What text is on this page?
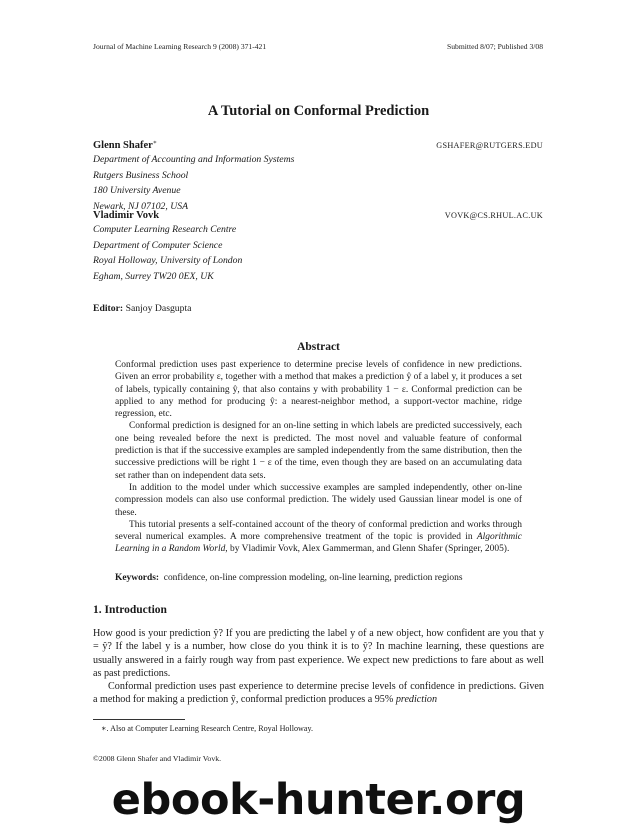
Journal of Machine Learning Research 9 (2008) 371-421	Submitted 8/07; Published 3/08
A Tutorial on Conformal Prediction
Glenn Shafer∗	GSHAFER@RUTGERS.EDU
Department of Accounting and Information Systems
Rutgers Business School
180 University Avenue
Newark, NJ 07102, USA
Vladimir Vovk	VOVK@CS.RHUL.AC.UK
Computer Learning Research Centre
Department of Computer Science
Royal Holloway, University of London
Egham, Surrey TW20 0EX, UK
Editor: Sanjoy Dasgupta
Abstract

Conformal prediction uses past experience to determine precise levels of confidence in new predictions. Given an error probability ε, together with a method that makes a prediction ŷ of a label y, it produces a set of labels, typically containing ŷ, that also contains y with probability 1 − ε. Conformal prediction can be applied to any method for producing ŷ: a nearest-neighbor method, a support-vector machine, ridge regression, etc.

Conformal prediction is designed for an on-line setting in which labels are predicted successively, each one being revealed before the next is predicted. The most novel and valuable feature of conformal prediction is that if the successive examples are sampled independently from the same distribution, then the successive predictions will be right 1 − ε of the time, even though they are based on an accumulating data set rather than on independent data sets.

In addition to the model under which successive examples are sampled independently, other on-line compression models can also use conformal prediction. The widely used Gaussian linear model is one of these.

This tutorial presents a self-contained account of the theory of conformal prediction and works through several numerical examples. A more comprehensive treatment of the topic is provided in Algorithmic Learning in a Random World, by Vladimir Vovk, Alex Gammerman, and Glenn Shafer (Springer, 2005).

Keywords: confidence, on-line compression modeling, on-line learning, prediction regions
1. Introduction

How good is your prediction ŷ? If you are predicting the label y of a new object, how confident are you that y = ŷ? If the label y is a number, how close do you think it is to ŷ? In machine learning, these questions are usually answered in a fairly rough way from past experience. We expect new predictions to fare about as well as past predictions.

Conformal prediction uses past experience to determine precise levels of confidence in predictions. Given a method for making a prediction ŷ, conformal prediction produces a 95% prediction

∗. Also at Computer Learning Research Centre, Royal Holloway.
©2008 Glenn Shafer and Vladimir Vovk.
ebook-hunter.org
